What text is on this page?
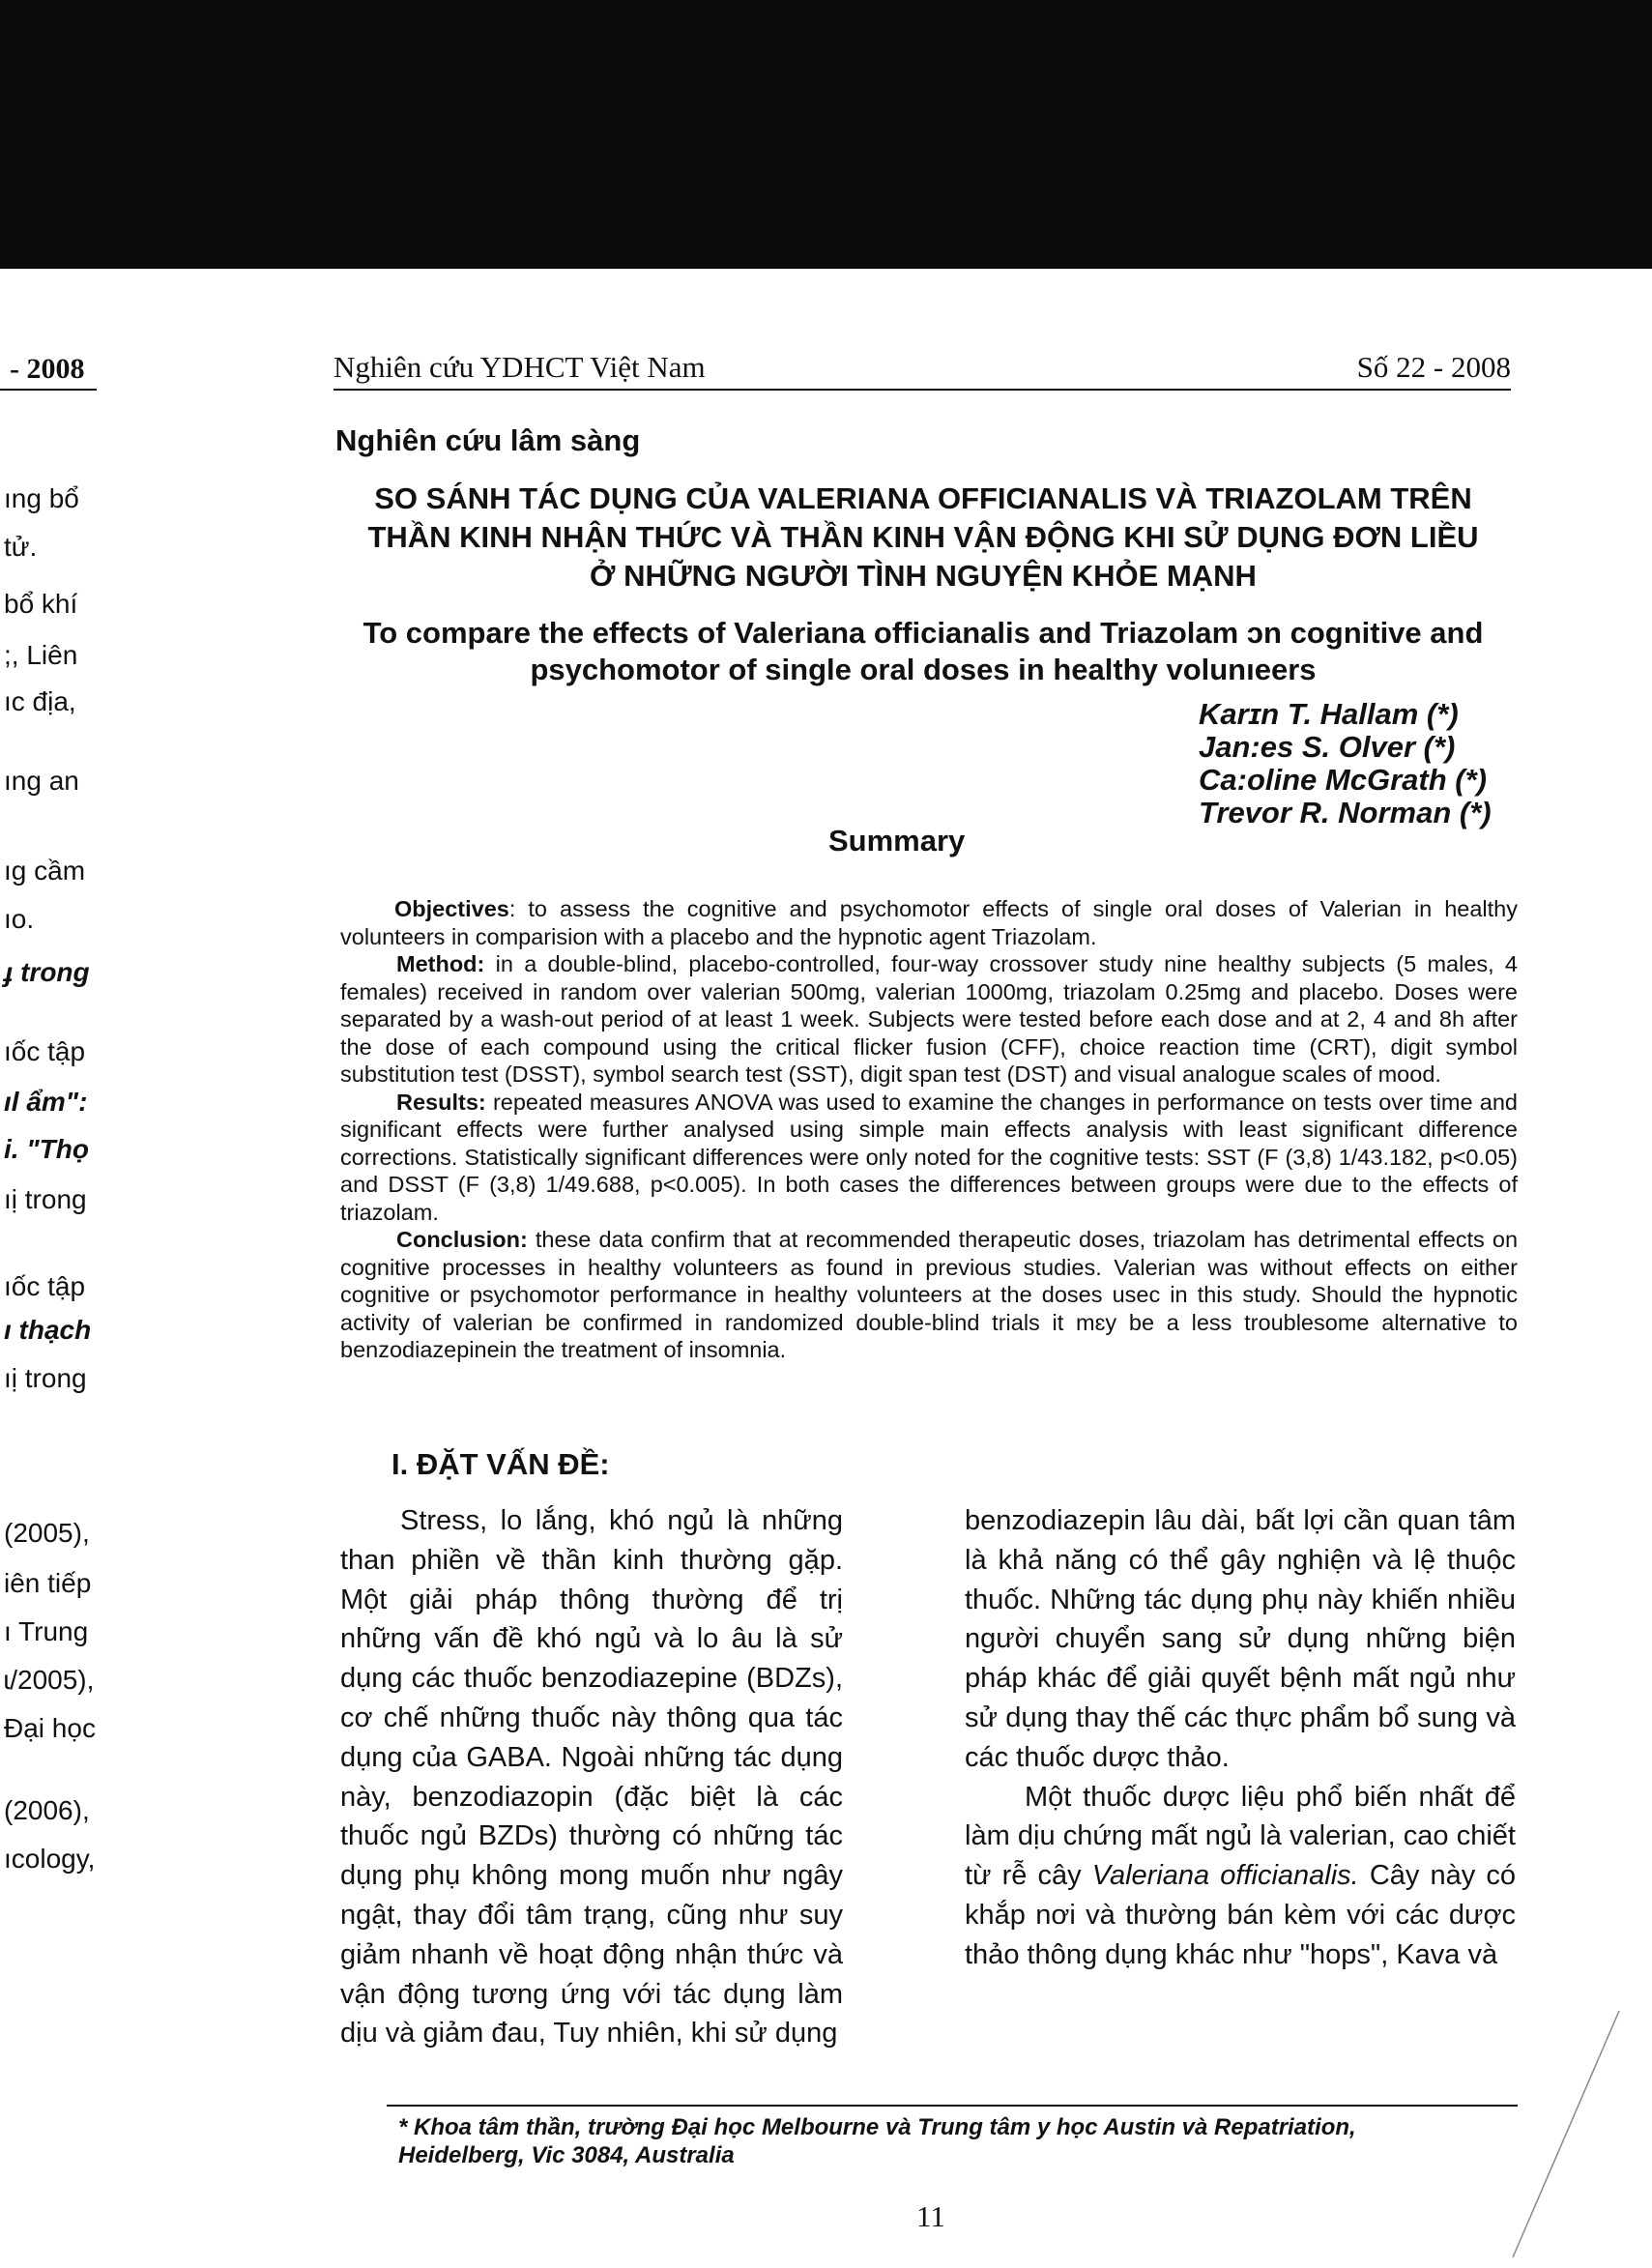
- 2008
ıng bổ
tử.
bổ khí
;, Liên
ıc địa,
ıng an
ıg cầm
ıo.
ɟ trong
ıốc tập
ıl ẩm":
i. "Thọ
ıị trong
ıốc tập
ı thạch
ıị trong
(2005),
iên tiếp
ı Trung
ɩ/2005),
Đại học
(2006),
ıcology,
Nghiên cứu YDHCT Việt Nam	Số 22 - 2008
Nghiên cứu lâm sàng
SO SÁNH TÁC DỤNG CỦA VALERIANA OFFICIANALIS VÀ TRIAZOLAM TRÊN
THẦN KINH NHẬN THỨC VÀ THẦN KINH VẬN ĐỘNG KHI SỬ DỤNG ĐƠN LIỀU
Ở NHỮNG NGƯỜI TÌNH NGUYỆN KHỎE MẠNH
To compare the effects of Valeriana officianalis and Triazolam ɔn cognitive and
psychomotor of single oral doses in healthy volunıeers
Karɪn T. Hallam (*)
Jan:es S. Olver (*)
Ca:oline McGrath (*)
Trevor R. Norman (*)
Summary

Objectives: to assess the cognitive and psychomotor effects of single oral doses of Valerian in healthy volunteers in comparision with a placebo and the hypnotic agent Triazolam.

Method: in a double-blind, placebo-controlled, four-way crossover study nine healthy subjects (5 males, 4 females) received in random over valerian 500mg, valerian 1000mg, triazolam 0.25mg and placebo. Doses were separated by a wash-out period of at least 1 week. Subjects were tested before each dose and at 2, 4 and 8h after the dose of each compound using the critical flicker fusion (CFF), choice reaction time (CRT), digit symbol substitution test (DSST), symbol search test (SST), digit span test (DST) and visual analogue scales of mood.

Results: repeated measures ANOVA was used to examine the changes in performance on tests over time and significant effects were further analysed using simple main effects analysis with least significant difference corrections. Statistically significant differences were only noted for the cognitive tests: SST (F (3,8) 1/43.182, p<0.05) and DSST (F (3,8) 1/49.688, p<0.005). In both cases the differences between groups were due to the effects of triazolam.

Conclusion: these data confirm that at recommended therapeutic doses, triazolam has detrimental effects on cognitive processes in healthy volunteers as found in previous studies. Valerian was without effects on either cognitive or psychomotor performance in healthy volunteers at the doses usec in this study. Should the hypnotic activity of valerian be confirmed in randomized double-blind trials it mɛy be a less troublesome alternative to benzodiazepinein the treatment of insomnia.

I. ĐẶT VẤN ĐỀ:

Stress, lo lắng, khó ngủ là những than phiền về thần kinh thường gặp. Một giải pháp thông thường để trị những vấn đề khó ngủ và lo âu là sử dụng các thuốc benzodiazepine (BDZs), cơ chế những thuốc này thông qua tác dụng của GABA. Ngoài những tác dụng này, benzodiazopin (đặc biệt là các thuốc ngủ BZDs) thường có những tác dụng phụ không mong muốn như ngây ngật, thay đổi tâm trạng, cũng như suy giảm nhanh về hoạt động nhận thức và vận động tương ứng với tác dụng làm dịu và giảm đau, Tuy nhiên, khi sử dụng

benzodiazepin lâu dài, bất lợi cần quan tâm là khả năng có thể gây nghiện và lệ thuộc thuốc. Những tác dụng phụ này khiến nhiều người chuyển sang sử dụng những biện pháp khác để giải quyết bệnh mất ngủ như sử dụng thay thế các thực phẩm bổ sung và các thuốc dược thảo.

Một thuốc dược liệu phổ biến nhất để làm dịu chứng mất ngủ là valerian, cao chiết từ rễ cây Valeriana officianalis. Cây này có khắp nơi và thường bán kèm với các dược thảo thông dụng khác như "hops", Kava và

* Khoa tâm thần, trường Đại học Melbourne và Trung tâm y học Austin và Repatriation,
Heidelberg, Vic 3084, Australia
11
